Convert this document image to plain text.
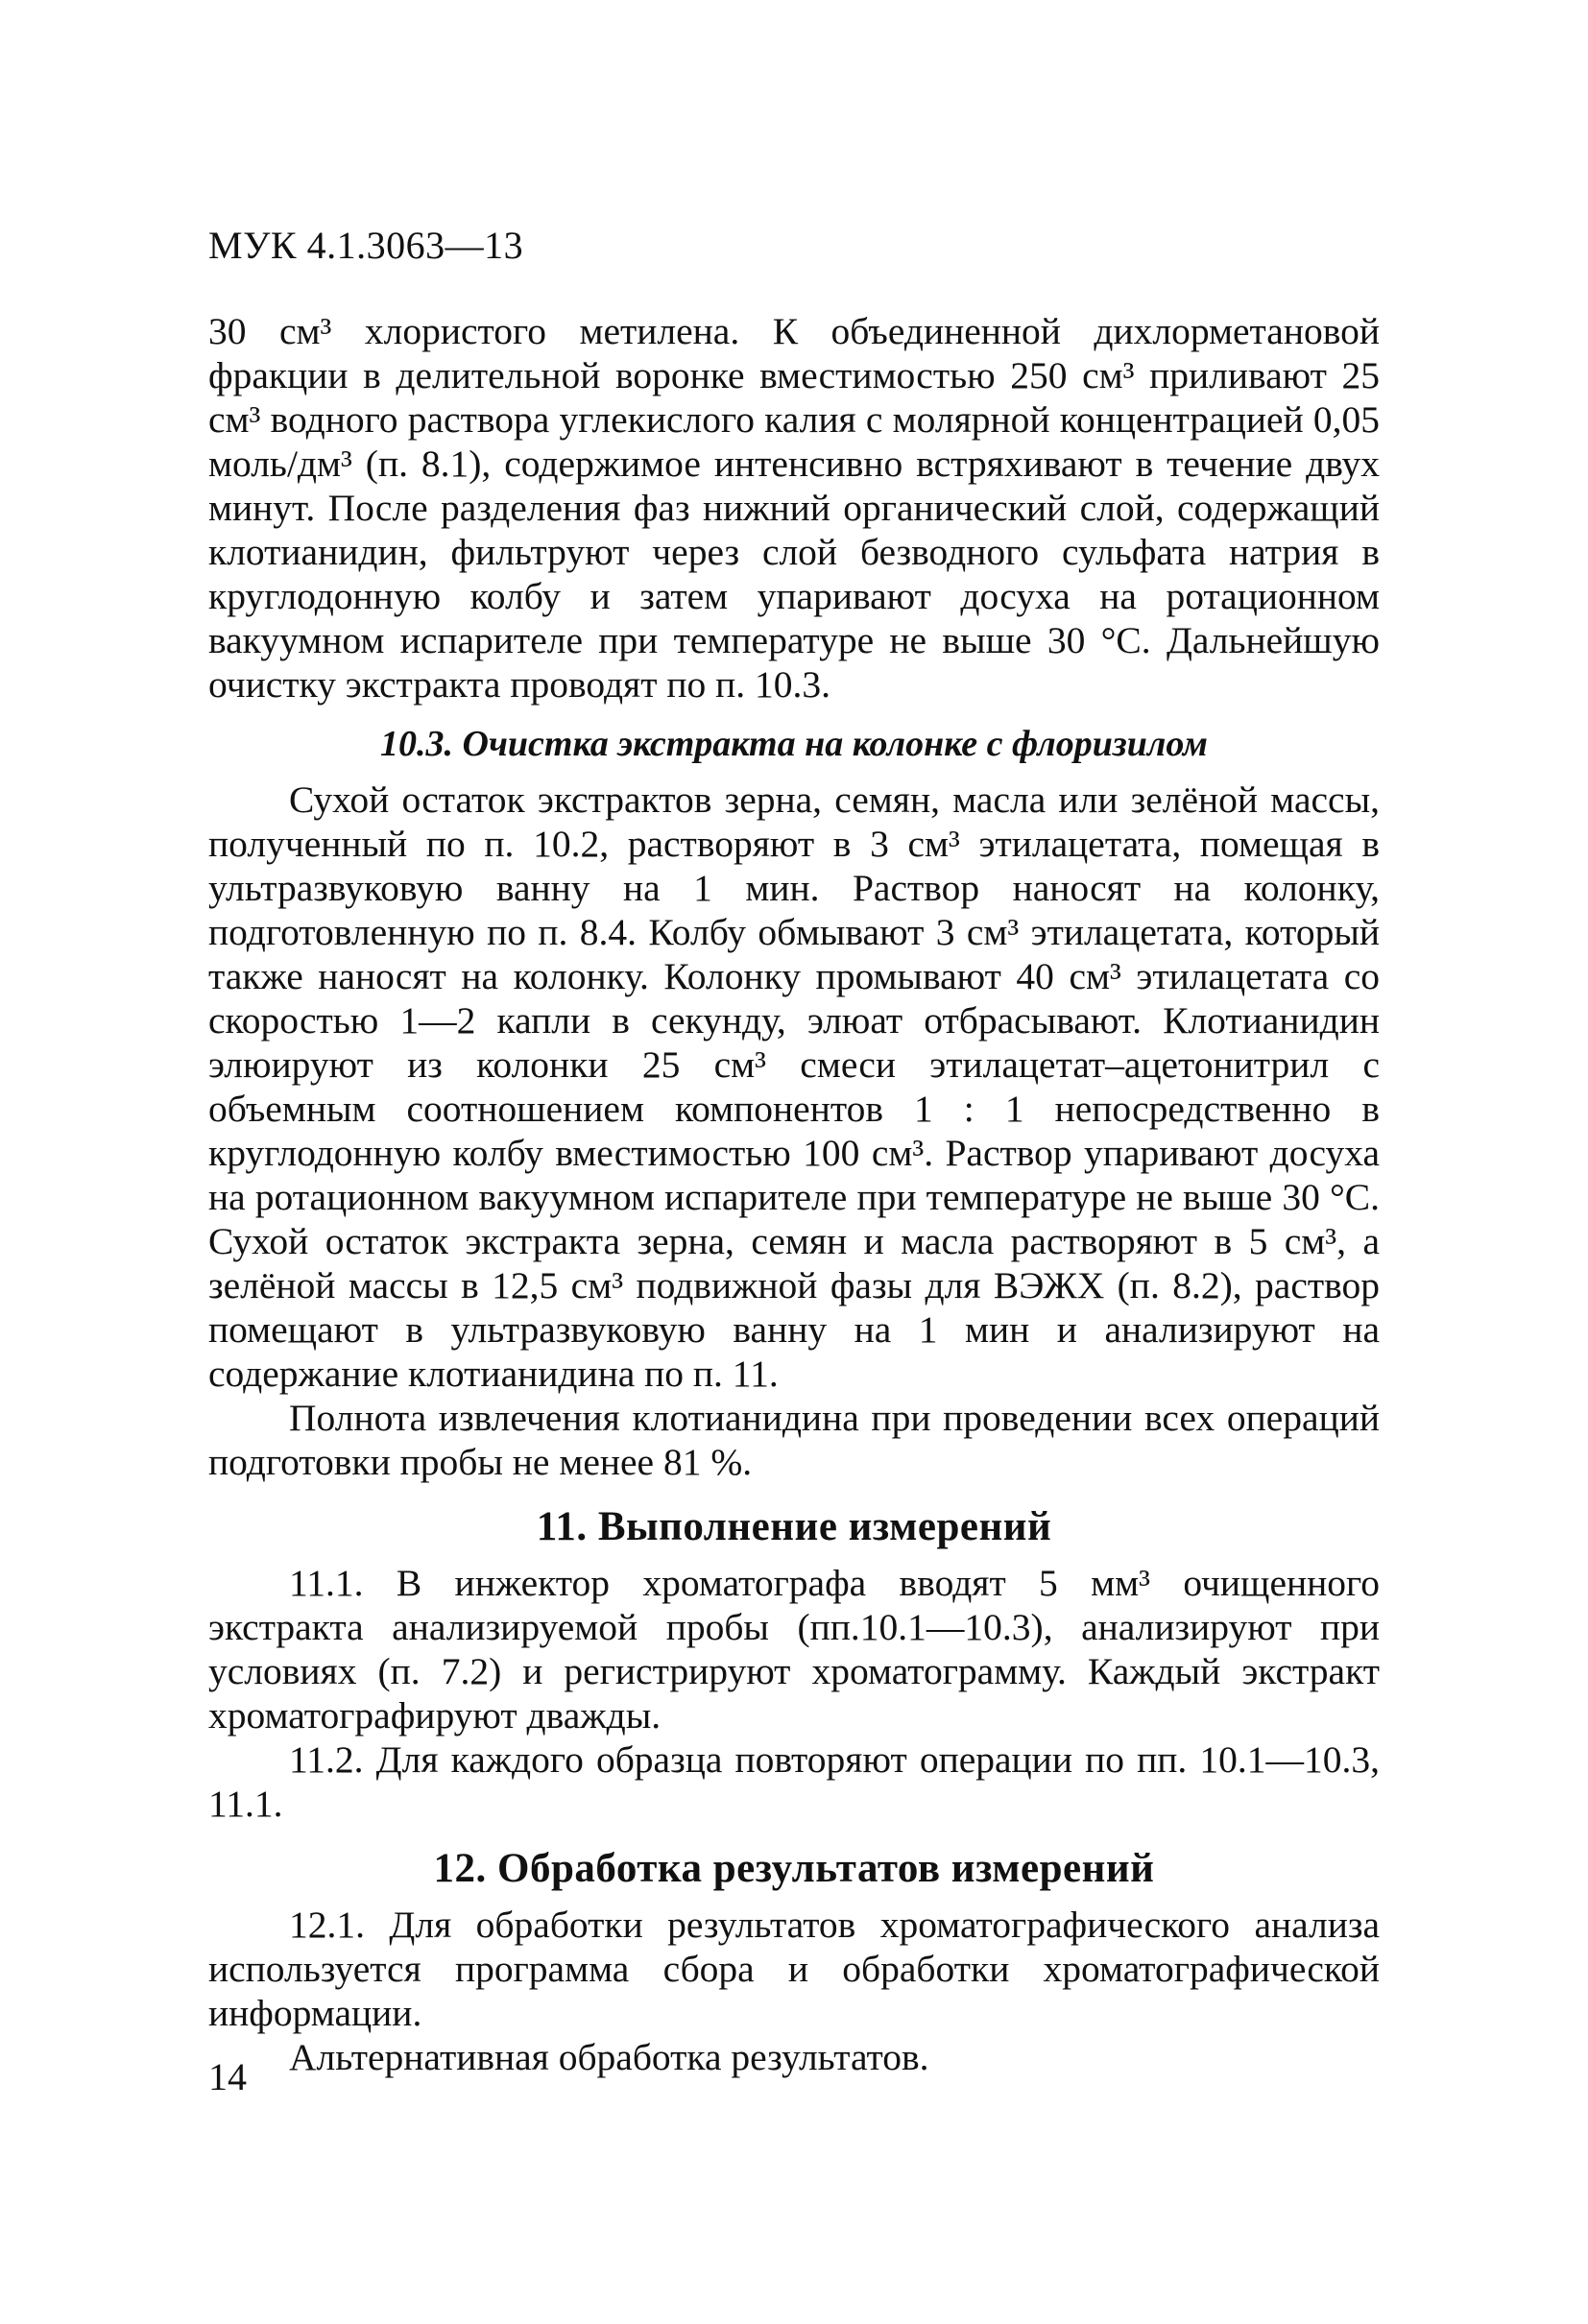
МУК 4.1.3063—13

30 см³ хлористого метилена. К объединенной дихлорметановой фракции в делительной воронке вместимостью 250 см³ приливают 25 см³ водного раствора углекислого калия с молярной концентрацией 0,05 моль/дм³ (п. 8.1), содержимое интенсивно встряхивают в течение двух минут. После разделения фаз нижний органический слой, содержащий клотианидин, фильтруют через слой безводного сульфата натрия в круглодонную колбу и затем упаривают досуха на ротационном вакуумном испарителе при температуре не выше 30 °С. Дальнейшую очистку экстракта проводят по п. 10.3.

10.3. Очистка экстракта на колонке с флоризилом

Сухой остаток экстрактов зерна, семян, масла или зелёной массы, полученный по п. 10.2, растворяют в 3 см³ этилацетата, помещая в ультразвуковую ванну на 1 мин. Раствор наносят на колонку, подготовленную по п. 8.4. Колбу обмывают 3 см³ этилацетата, который также наносят на колонку. Колонку промывают 40 см³ этилацетата со скоростью 1—2 капли в секунду, элюат отбрасывают. Клотианидин элюируют из колонки 25 см³ смеси этилацетат–ацетонитрил с объемным соотношением компонентов 1 : 1 непосредственно в круглодонную колбу вместимостью 100 см³. Раствор упаривают досуха на ротационном вакуумном испарителе при температуре не выше 30 °С. Сухой остаток экстракта зерна, семян и масла растворяют в 5 см³, а зелёной массы в 12,5 см³ подвижной фазы для ВЭЖХ (п. 8.2), раствор помещают в ультразвуковую ванну на 1 мин и анализируют на содержание клотианидина по п. 11.

Полнота извлечения клотианидина при проведении всех операций подготовки пробы не менее 81 %.

11. Выполнение измерений

11.1. В инжектор хроматографа вводят 5 мм³ очищенного экстракта анализируемой пробы (пп.10.1—10.3), анализируют при условиях (п. 7.2) и регистрируют хроматограмму. Каждый экстракт хроматографируют дважды.

11.2. Для каждого образца повторяют операции по пп. 10.1—10.3, 11.1.

12. Обработка результатов измерений

12.1. Для обработки результатов хроматографического анализа используется программа сбора и обработки хроматографической информации.

Альтернативная обработка результатов.

14
